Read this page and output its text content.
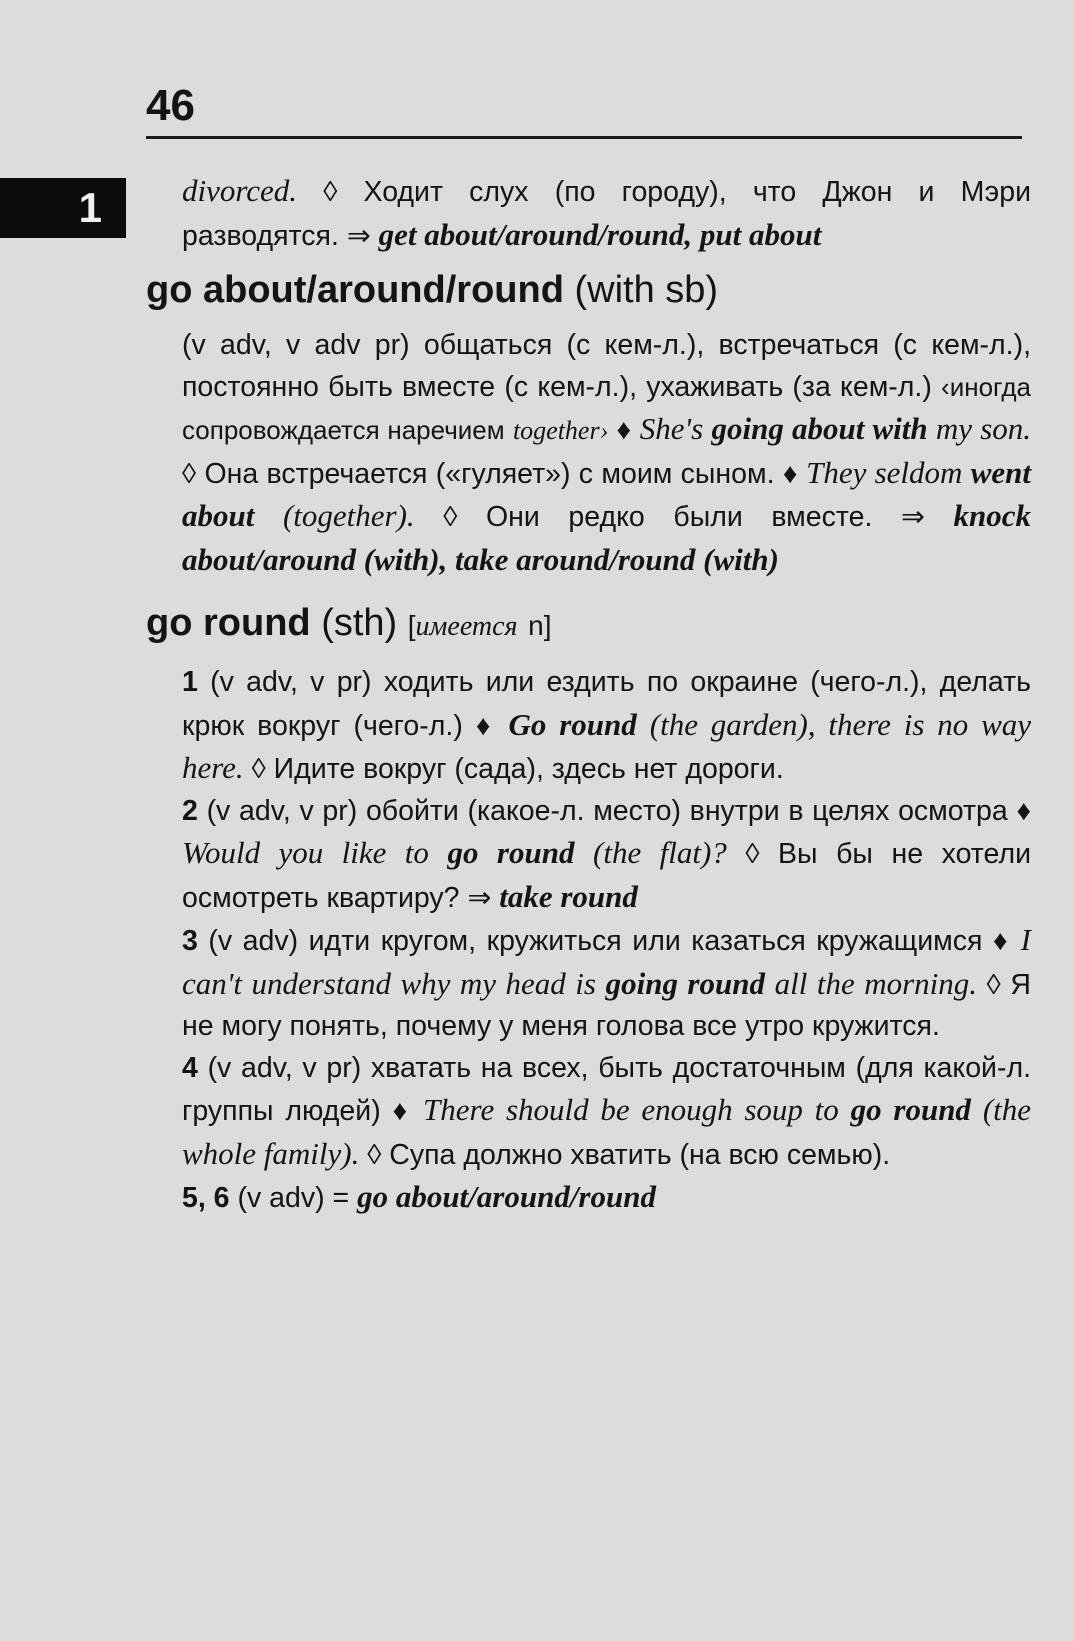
46
1	divorced. ◊ Ходит слух (по городу), что Джон и Мэри разводятся. ⇒ get about/around/round, put about

go about/around/round (with sb)

(v adv, v adv pr) общаться (с кем-л.), встречаться (с кем-л.), постоянно быть вместе (с кем-л.), ухаживать (за кем-л.) ‹иногда сопровождается наречием together› ♦ She's going about with my son. ◊ Она встречается («гуляет») с моим сыном. ♦ They seldom went about (together). ◊ Они редко были вместе. ⇒ knock about/around (with), take around/round (with)

go round (sth) [имеется n]

1 (v adv, v pr) ходить или ездить по окраине (чего-л.), делать крюк вокруг (чего-л.) ♦ Go round (the garden), there is no way here. ◊ Идите вокруг (сада), здесь нет дороги.

2 (v adv, v pr) обойти (какое-л. место) внутри в целях осмотра ♦ Would you like to go round (the flat)? ◊ Вы бы не хотели осмотреть квартиру? ⇒ take round

3 (v adv) идти кругом, кружиться или казаться кружащимся ♦ I can't understand why my head is going round all the morning. ◊ Я не могу понять, почему у меня голова все утро кружится.

4 (v adv, v pr) хватать на всех, быть достаточным (для какой-л. группы людей) ♦ There should be enough soup to go round (the whole family). ◊ Супа должно хватить (на всю семью).

5, 6 (v adv) = go about/around/round
